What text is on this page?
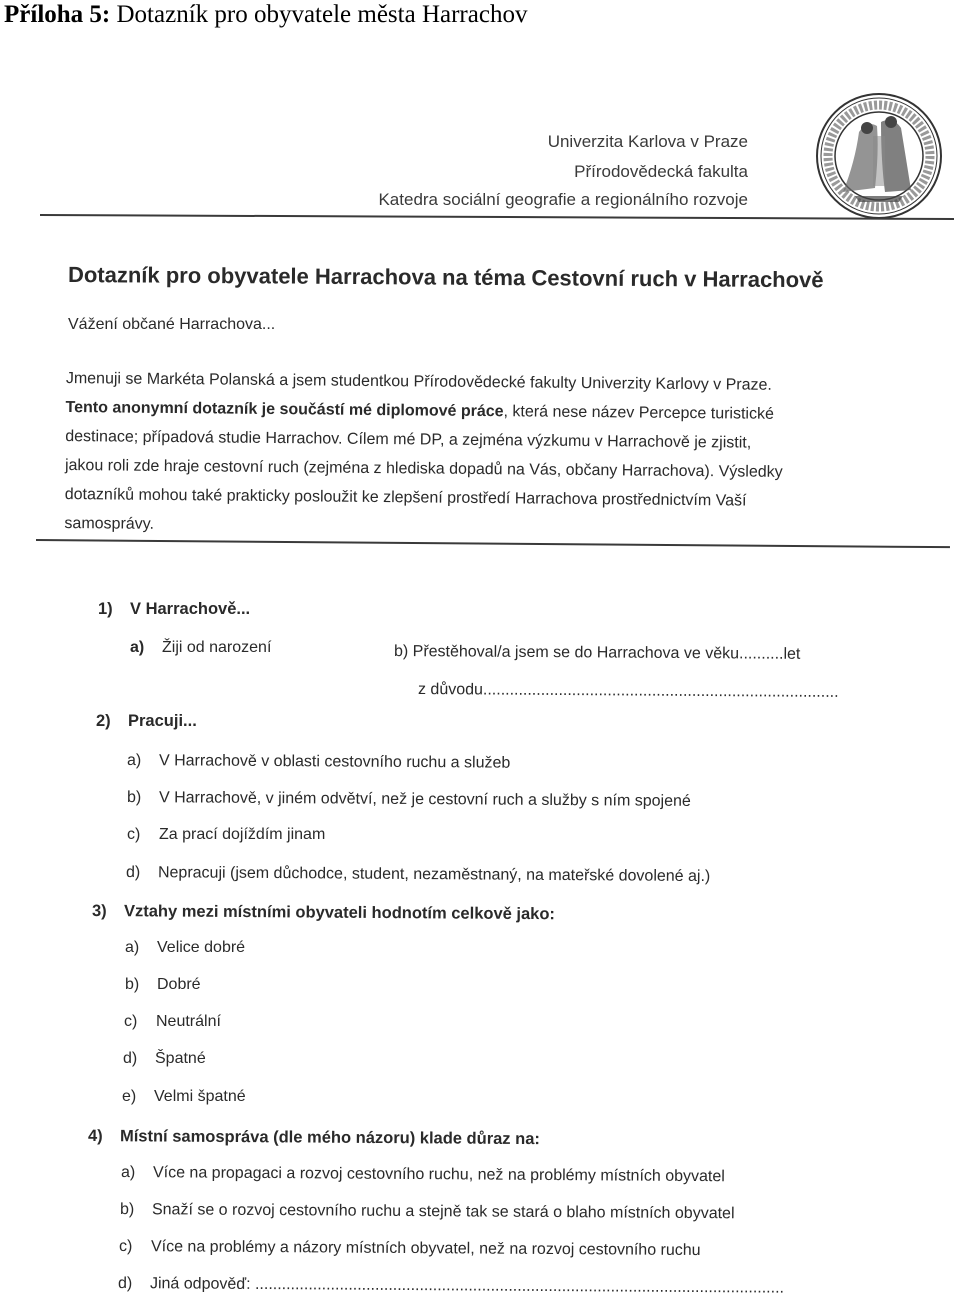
Příloha 5: Dotazník pro obyvatele města Harrachov
Univerzita Karlova v Praze
Přírodovědecká fakulta
Katedra sociální geografie a regionálního rozvoje
Dotazník pro obyvatele Harrachova na téma Cestovní ruch v Harrachově
Vážení občané Harrachova...
Jmenuji se Markéta Polanská a jsem studentkou Přírodovědecké fakulty Univerzity Karlovy v Praze.
Tento anonymní dotazník je součástí mé diplomové práce, která nese název Percepce turistické
destinace; případová studie Harrachov. Cílem mé DP, a zejména výzkumu v Harrachově je zjistit,
jakou roli zde hraje cestovní ruch (zejména z hlediska dopadů na Vás, občany Harrachova). Výsledky
dotazníků mohou také prakticky posloužit ke zlepšení prostředí Harrachova prostřednictvím Vaší
samosprávy.
1) V Harrachově...
a) Žiji od narození	b) Přestěhoval/a jsem se do Harrachova ve věku..........let
z důvodu................................................................................
2) Pracuji...
a) V Harrachově v oblasti cestovního ruchu a služeb
b) V Harrachově, v jiném odvětví, než je cestovní ruch a služby s ním spojené
c) Za prací dojíždím jinam
d) Nepracuji (jsem důchodce, student, nezaměstnaný, na mateřské dovolené aj.)
3) Vztahy mezi místními obyvateli hodnotím celkově jako:
a) Velice dobré
b) Dobré
c) Neutrální
d) Špatné
e) Velmi špatné
4) Místní samospráva (dle mého názoru) klade důraz na:
a) Více na propagaci a rozvoj cestovního ruchu, než na problémy místních obyvatel
b) Snaží se o rozvoj cestovního ruchu a stejně tak se stará o blaho místních obyvatel
c) Více na problémy a názory místních obyvatel, než na rozvoj cestovního ruchu
d) Jiná odpověď: .......................................................................................................................
